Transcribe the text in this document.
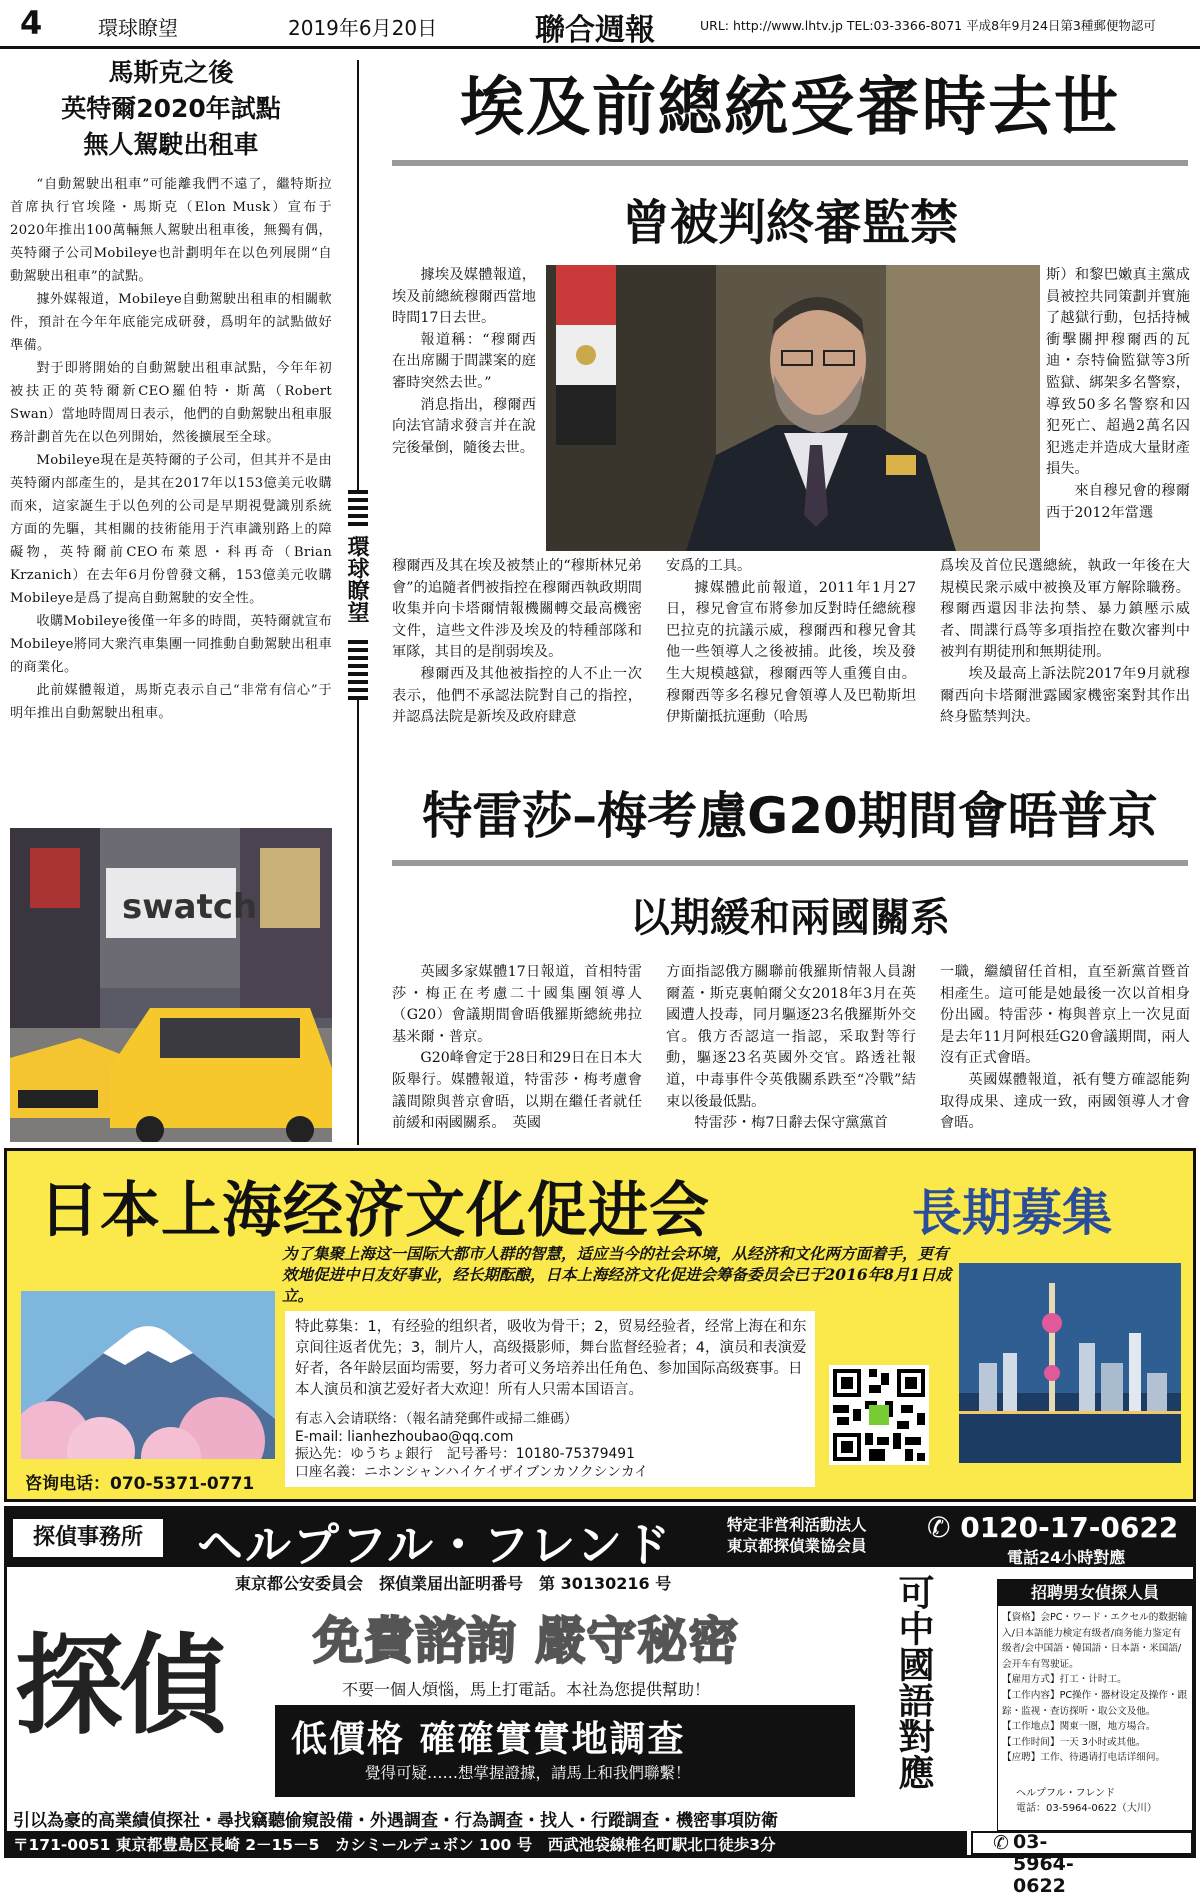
4	環球瞭望	2019年6月20日	聯合週報	URL: http://www.lhtv.jp TEL:03-3366-8071 平成8年9月24日第3種郵便物認可
馬斯克之後
英特爾2020年試點
無人駕駛出租車

“自動駕駛出租車”可能離我們不遠了，繼特斯拉首席执行官埃隆・馬斯克（Elon Musk）宣布于2020年推出100萬輛無人駕駛出租車後，無獨有偶，英特爾子公司Mobileye也計劃明年在以色列展開“自動駕駛出租車”的試點。

據外媒報道，Mobileye自動駕駛出租車的相關軟件，預計在今年年底能完成研發，爲明年的試點做好準備。

對于即將開始的自動駕駛出租車試點，今年年初被扶正的英特爾新CEO羅伯特・斯萬（Robert Swan）當地時間周日表示，他們的自動駕駛出租車服務計劃首先在以色列開始，然後擴展至全球。

Mobileye現在是英特爾的子公司，但其并不是由英特爾内部產生的，是其在2017年以153億美元收購而來，這家誕生于以色列的公司是早期視覺識別系統方面的先驅，其相關的技術能用于汽車識别路上的障礙物，英特爾前CEO布萊恩・科再奇（Brian Krzanich）在去年6月份曾發文稱，153億美元收購Mobileye是爲了提高自動駕駛的安全性。

收購Mobileye後僅一年多的時間，英特爾就宣布Mobileye將同大衆汽車集團一同推動自動駕駛出租車的商業化。

此前媒體報道，馬斯克表示自己“非常有信心”于明年推出自動駕駛出租車。

swatch
環球瞭望
埃及前總統受審時去世
曾被判終審監禁

據埃及媒體報道，埃及前總統穆爾西當地時間17日去世。

報道稱：“穆爾西在出席關于間諜案的庭審時突然去世。”

消息指出，穆爾西向法官請求發言并在說完後暈倒，隨後去世。

斯）和黎巴嫩真主黨成員被控共同策劃并實施了越獄行動，包括持械衝擊關押穆爾西的瓦迪・奈特倫監獄等3所監獄、綁架多名警察，導致50多名警察和囚犯死亡、超過2萬名囚犯逃走并造成大量財產損失。

來自穆兄會的穆爾西于2012年當選

穆爾西及其在埃及被禁止的“穆斯林兄弟會”的追隨者們被指控在穆爾西執政期間收集并向卡塔爾情報機關轉交最高機密文件，這些文件涉及埃及的特種部隊和軍隊，其目的是削弱埃及。

穆爾西及其他被指控的人不止一次表示，他們不承認法院對自己的指控，并認爲法院是新埃及政府肆意

安爲的工具。

據媒體此前報道，2011年1月27日，穆兄會宣布將參加反對時任總統穆巴拉克的抗議示威，穆爾西和穆兄會其他一些領導人之後被捕。此後，埃及發生大規模越獄，穆爾西等人重獲自由。穆爾西等多名穆兄會領導人及巴勒斯坦伊斯蘭抵抗運動（哈馬

爲埃及首位民選總統，執政一年後在大規模民衆示威中被換及軍方解除職務。穆爾西還因非法拘禁、暴力鎮壓示威者、間諜行爲等多項指控在數次審判中被判有期徒刑和無期徒刑。

埃及最高上訴法院2017年9月就穆爾西向卡塔爾泄露國家機密案對其作出終身監禁判決。

特雷莎–梅考慮G20期間會晤普京
以期緩和兩國關系

英國多家媒體17日報道，首相特雷莎・梅正在考慮二十國集團領導人（G20）會議期間會晤俄羅斯總統弗拉基米爾・普京。

G20峰會定于28日和29日在日本大阪舉行。媒體報道，特雷莎・梅考慮會議間隙與普京會晤，以期在繼任者就任前緩和兩國關系。　英國

方面指認俄方關聯前俄羅斯情報人員謝爾蓋・斯克裏帕爾父女2018年3月在英國遭人投毒，同月驅逐23名俄羅斯外交官。俄方否認這一指認，采取對等行動，驅逐23名英國外交官。路透社報道，中毒事件令英俄關系跌至“冷戰”結束以後最低點。

特雷莎・梅7日辭去保守黨黨首

一職，繼續留任首相，直至新黨首暨首相產生。這可能是她最後一次以首相身份出國。特雷莎・梅與普京上一次見面是去年11月阿根廷G20會議期間，兩人沒有正式會晤。

英國媒體報道，祇有雙方確認能夠取得成果、達成一致，兩國領導人才會會晤。

日本上海经济文化促进会	長期募集
为了集聚上海这一国际大都市人群的智慧，适应当今的社会环境，从经济和文化两方面着手，更有效地促进中日友好事业，经长期酝酿，日本上海经济文化促进会筹备委员会已于2016年8月1日成立。
特此募集：1，有经验的组织者，吸收为骨干；2，贸易经验者，经常上海在和东京间往返者优先；3，制片人，高级摄影师，舞台监督经验者；4，演员和表演爱好者，各年龄层面均需要，努力者可义务培养出任角色、参加国际高级赛事。日本人演员和演艺爱好者大欢迎！所有人只需本国语言。
有志入会请联络：（報名請発郵件或掃二維碼）
E-mail: lianhezhoubao@qq.com
振込先：ゆうちょ銀行　記号番号：10180-75379491
口座名義：ニホンシャンハイケイザイブンカソクシンカイ
咨询电话：070-5371-0771
探偵事務所	ヘルプフル・フレンド	特定非営利活動法人
東京都探偵業協会員
✆ 0120-17-0622
電話24小時對應
東京都公安委員会　探偵業届出証明番号　第 30130216 号
探偵 免費諮詢 嚴守秘密
不要一個人煩惱，馬上打電話。本社為您提供幫助！
低價格 確確實實地調查
覺得可疑……想掌握證據，請馬上和我們聯繫！	可中國語對應	招聘男女偵探人員
【資格】会PC・ワード・エクセル的数据输入/日本語能力検定有级者/商务能力鉴定有级者/会中国語・韓国語・日本語・米国語/会开车有驾驶证。
【雇用方式】打工・计时工。
【工作内容】PC操作・器材设定及操作・跟踪・监视・查访探听・取公文及他。
【工作地点】関東一圏，地方場合。
【工作时间】一天 3小时或其他。
【应聘】工作、待遇请打电话详细问。
ヘルプフル・フレンド
電話：03-5964-0622（大川）
引以為豪的高業績偵探社・尋找竊聽偷窺設備・外遇調查・行為調查・找人・行蹤調查・機密事項防衛
〒171-0051 東京都豊島区長崎 2－15－5　カシミールデュボン 100 号　西武池袋線椎名町駅北口徒歩3分	✆ 03-5964-0622
